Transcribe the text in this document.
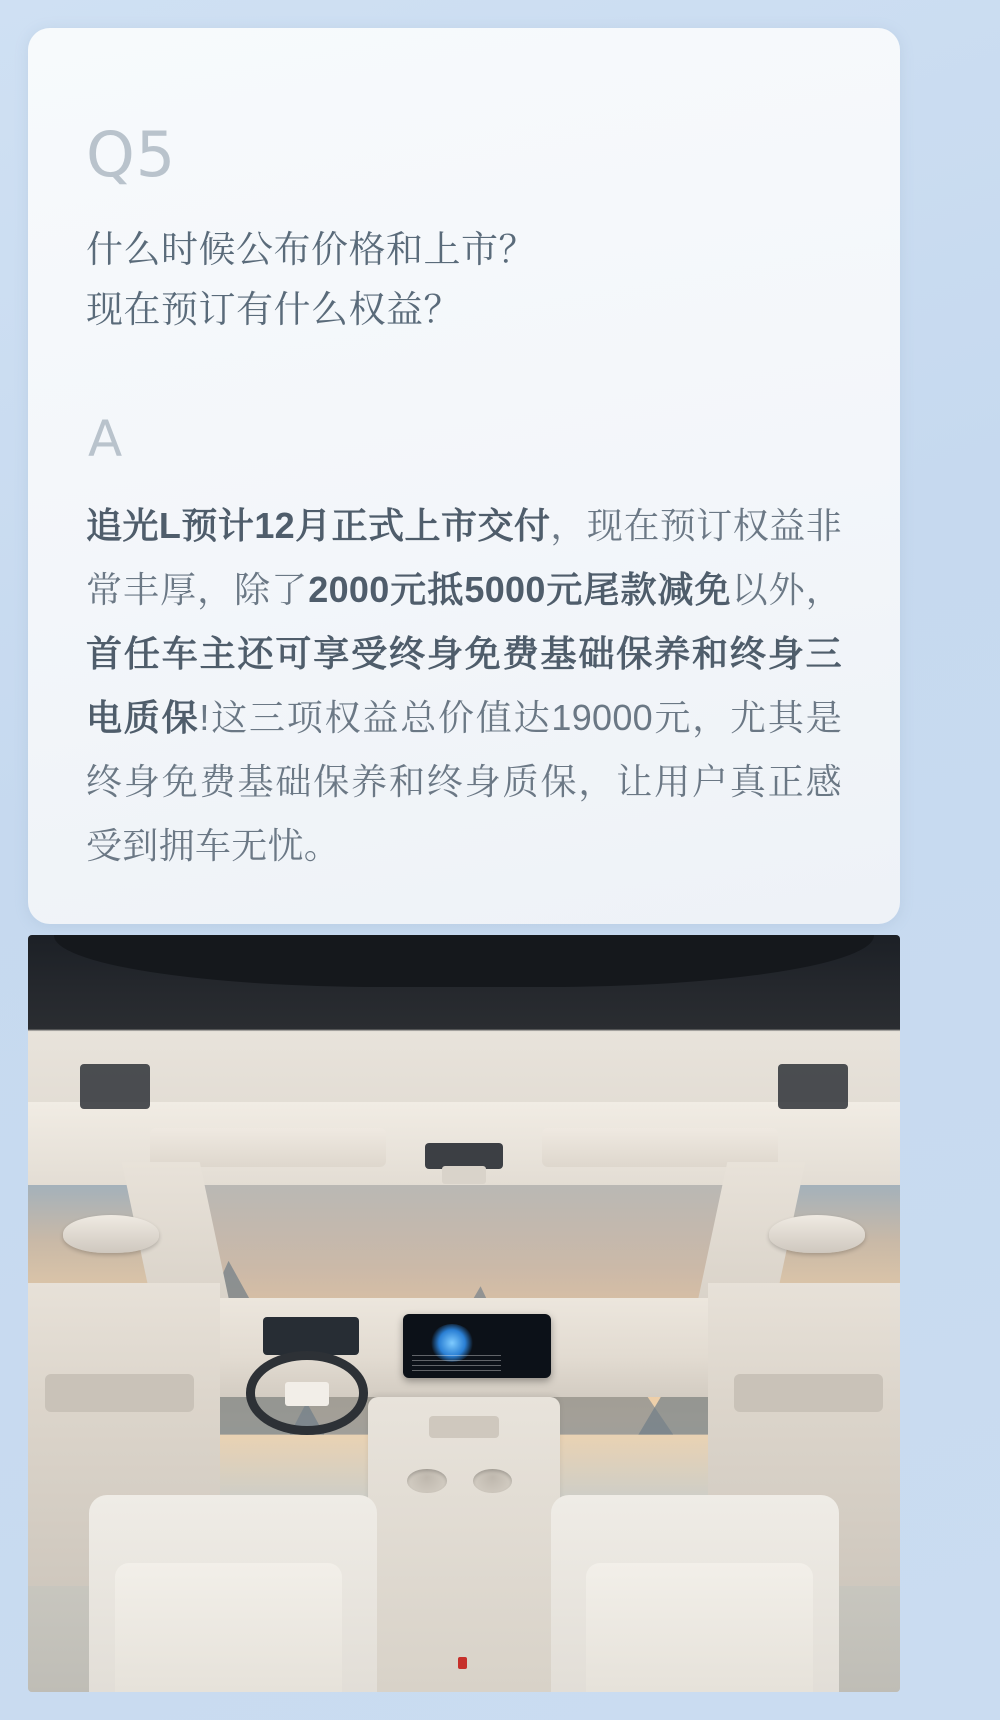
Q5
什么时候公布价格和上市？
现在预订有什么权益？
A
追光L预计12月正式上市交付，现在预订权益非常丰厚，除了2000元抵5000元尾款减免以外，首任车主还可享受终身免费基础保养和终身三电质保!这三项权益总价值达19000元，尤其是终身免费基础保养和终身质保，让用户真正感受到拥车无忧。
